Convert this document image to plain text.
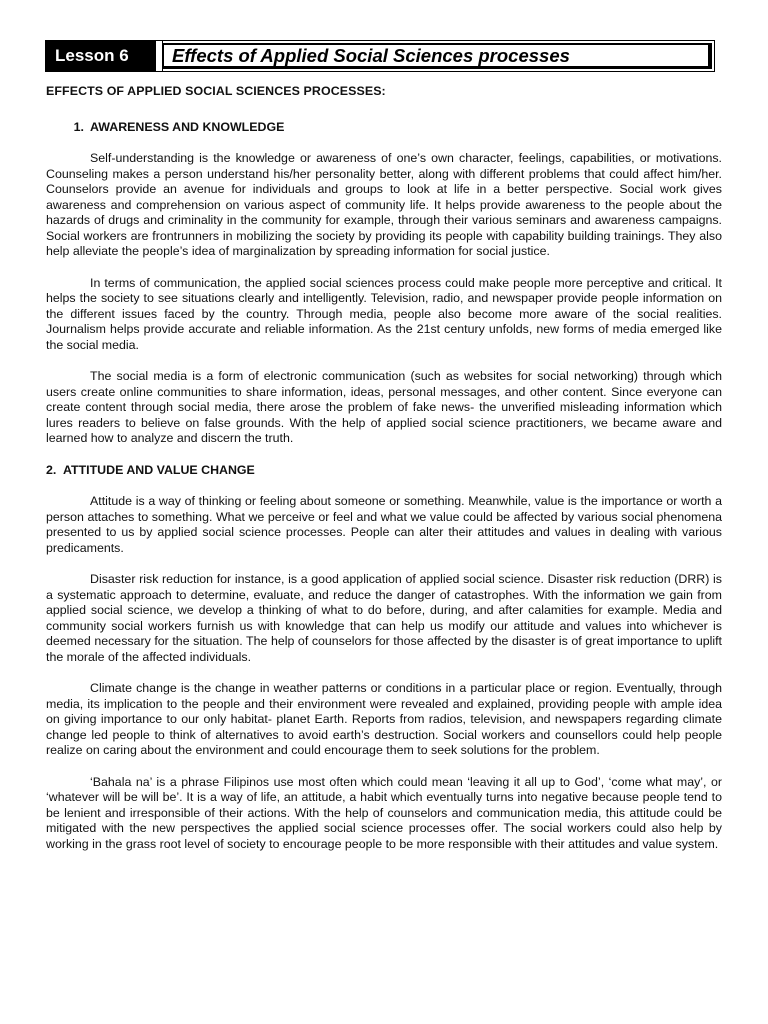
Lesson 6	Effects of Applied Social Sciences processes
EFFECTS OF APPLIED SOCIAL SCIENCES PROCESSES:
1. AWARENESS AND KNOWLEDGE

Self-understanding is the knowledge or awareness of one’s own character, feelings, capabilities, or motivations. Counseling makes a person understand his/her personality better, along with different problems that could affect him/her. Counselors provide an avenue for individuals and groups to look at life in a better perspective. Social work gives awareness and comprehension on various aspect of community life. It helps provide awareness to the people about the hazards of drugs and criminality in the community for example, through their various seminars and awareness campaigns. Social workers are frontrunners in mobilizing the society by providing its people with capability building trainings. They also help alleviate the people’s idea of marginalization by spreading information for social justice.

In terms of communication, the applied social sciences process could make people more perceptive and critical. It helps the society to see situations clearly and intelligently. Television, radio, and newspaper provide people information on the different issues faced by the country. Through media, people also become more aware of the social realities. Journalism helps provide accurate and reliable information. As the 21st century unfolds, new forms of media emerged like the social media.

The social media is a form of electronic communication (such as websites for social networking) through which users create online communities to share information, ideas, personal messages, and other content. Since everyone can create content through social media, there arose the problem of fake news- the unverified misleading information which lures readers to believe on false grounds. With the help of applied social science practitioners, we became aware and learned how to analyze and discern the truth.

2. ATTITUDE AND VALUE CHANGE

Attitude is a way of thinking or feeling about someone or something. Meanwhile, value is the importance or worth a person attaches to something. What we perceive or feel and what we value could be affected by various social phenomena presented to us by applied social science processes. People can alter their attitudes and values in dealing with various predicaments.

Disaster risk reduction for instance, is a good application of applied social science. Disaster risk reduction (DRR) is a systematic approach to determine, evaluate, and reduce the danger of catastrophes. With the information we gain from applied social science, we develop a thinking of what to do before, during, and after calamities for example. Media and community social workers furnish us with knowledge that can help us modify our attitude and values into whichever is deemed necessary for the situation. The help of counselors for those affected by the disaster is of great importance to uplift the morale of the affected individuals.

Climate change is the change in weather patterns or conditions in a particular place or region. Eventually, through media, its implication to the people and their environment were revealed and explained, providing people with ample idea on giving importance to our only habitat- planet Earth. Reports from radios, television, and newspapers regarding climate change led people to think of alternatives to avoid earth’s destruction. Social workers and counsellors could help people realize on caring about the environment and could encourage them to seek solutions for the problem.

‘Bahala na’ is a phrase Filipinos use most often which could mean ‘leaving it all up to God’, ‘come what may’, or ‘whatever will be will be’. It is a way of life, an attitude, a habit which eventually turns into negative because people tend to be lenient and irresponsible of their actions. With the help of counselors and communication media, this attitude could be mitigated with the new perspectives the applied social science processes offer. The social workers could also help by working in the grass root level of society to encourage people to be more responsible with their attitudes and value system.
